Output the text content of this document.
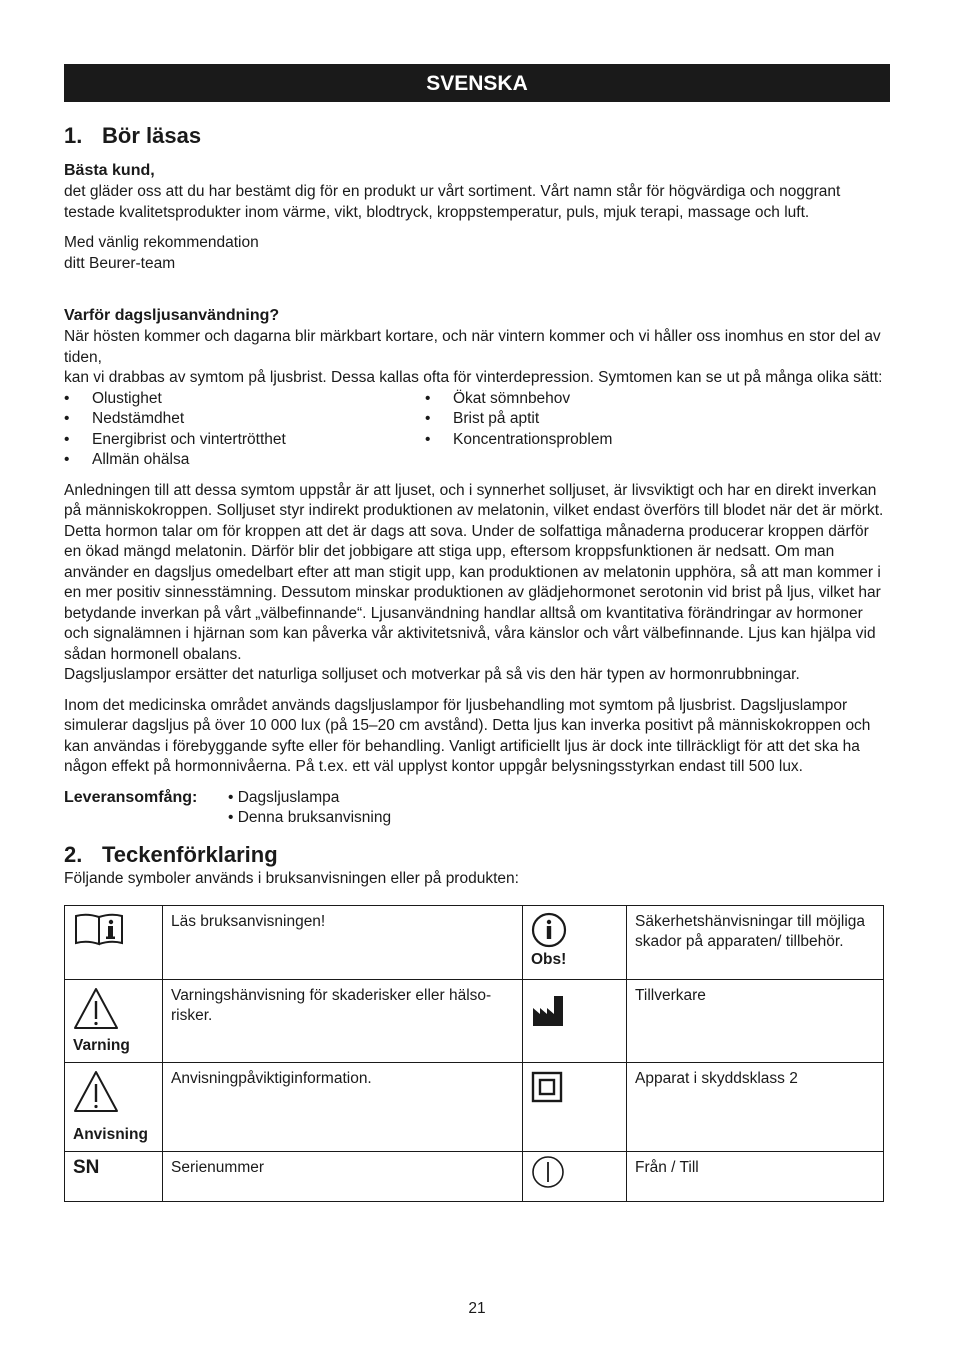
SVENSKA
1. Bör läsas
Bästa kund,

det gläder oss att du har bestämt dig för en produkt ur vårt sortiment. Vårt namn står för högvärdiga och noggrant testade kvalitetsprodukter inom värme, vikt, blodtryck, kroppstemperatur, puls, mjuk terapi, massage och luft.

Med vänlig rekommendation

ditt Beurer-team

Varför dagsljusanvändning?

När hösten kommer och dagarna blir märkbart kortare, och när vintern kommer och vi håller oss inomhus en stor del av tiden,

kan vi drabbas av symtom på ljusbrist. Dessa kallas ofta för vinterdepression. Symtomen kan se ut på många olika sätt:

• Olustighet	• Ökat sömnbehov
• Nedstämdhet	• Brist på aptit
• Energibrist och vintertrötthet	• Koncentrationsproblem
• Allmän ohälsa

Anledningen till att dessa symtom uppstår är att ljuset, och i synnerhet solljuset, är livsviktigt och har en direkt inverkan på människokroppen. Solljuset styr indirekt produktionen av melatonin, vilket endast överförs till blodet när det är mörkt. Detta hormon talar om för kroppen att det är dags att sova. Under de solfattiga månaderna producerar kroppen därför en ökad mängd melatonin. Därför blir det jobbigare att stiga upp, eftersom kroppsfunktionen är nedsatt. Om man använder en dagsljus omedelbart efter att man stigit upp, kan produktionen av melatonin upphöra, så att man kommer i en mer positiv sinnesstämning. Dessutom minskar produktionen av glädjehormonet serotonin vid brist på ljus, vilket har betydande inverkan på vårt „välbefinnande“. Ljusanvändning handlar alltså om kvantitativa förändringar av hormoner och signalämnen i hjärnan som kan påverka vår aktivitetsnivå, våra känslor och vårt välbefinnande. Ljus kan hjälpa vid sådan hormonell obalans.

Dagsljuslampor ersätter det naturliga solljuset och motverkar på så vis den här typen av hormonrubbningar.

Inom det medicinska området används dagsljuslampor för ljusbehandling mot symtom på ljusbrist. Dagsljuslampor simulerar dagsljus på över 10 000 lux (på 15–20 cm avstånd). Detta ljus kan inverka positivt på människokroppen och kan användas i förebyggande syfte eller för behandling. Vanligt artificiellt ljus är dock inte tillräckligt för att det ska ha någon effekt på hormonnivåerna. På t.ex. ett väl upplyst kontor uppgår belysningsstyrkan endast till 500 lux.

Leveransomfång:	• Dagsljuslampa
• Denna bruksanvisning
2. Teckenförklaring

Följande symboler används i bruksanvisningen eller på produkten:

	Läs bruksanvisningen!	Obs!	Säkerhetshänvisningar till möjliga skador på apparaten/ tillbehör.

Varning	Varningshänvisning för skaderisker eller hälsorisker.		Tillverkare

Anvisning	Anvisningpåviktiginformation.		Apparat i skyddsklass 2
SN	Serienummer		Från / Till
21
